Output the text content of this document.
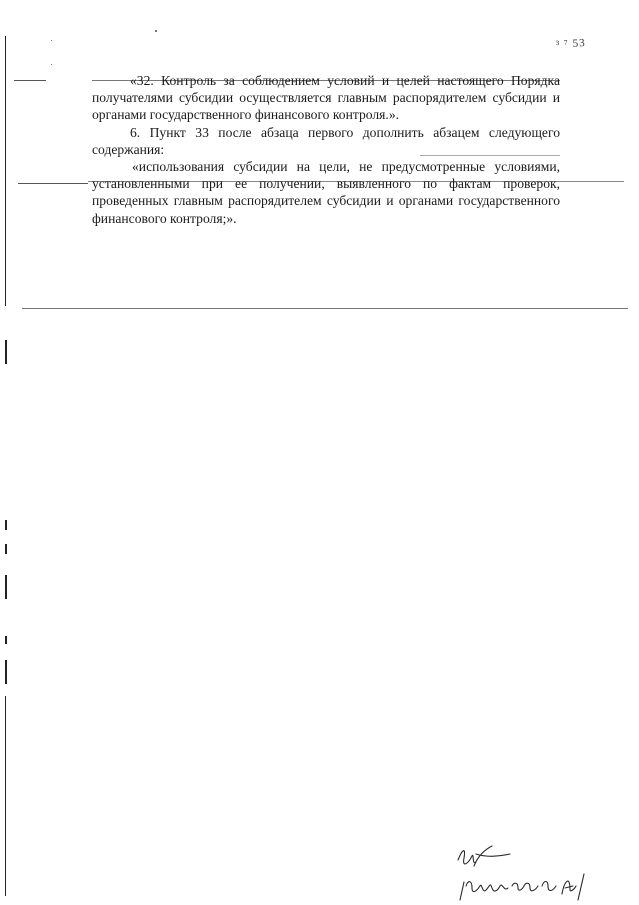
³ ⁷ 53

«32. Контроль за соблюдением условий и целей настоящего Порядка получателями субсидии осуществляется главным распорядителем субсидии и органами государственного финансового контроля.».

6. Пункт 33 после абзаца первого дополнить абзацем следующего содержания:

«использования субсидии на цели, не предусмотренные условиями, установленными при ее получении, выявленного по фактам проверок, проведенных главным распорядителем субсидии и органами государственного финансового контроля;».
